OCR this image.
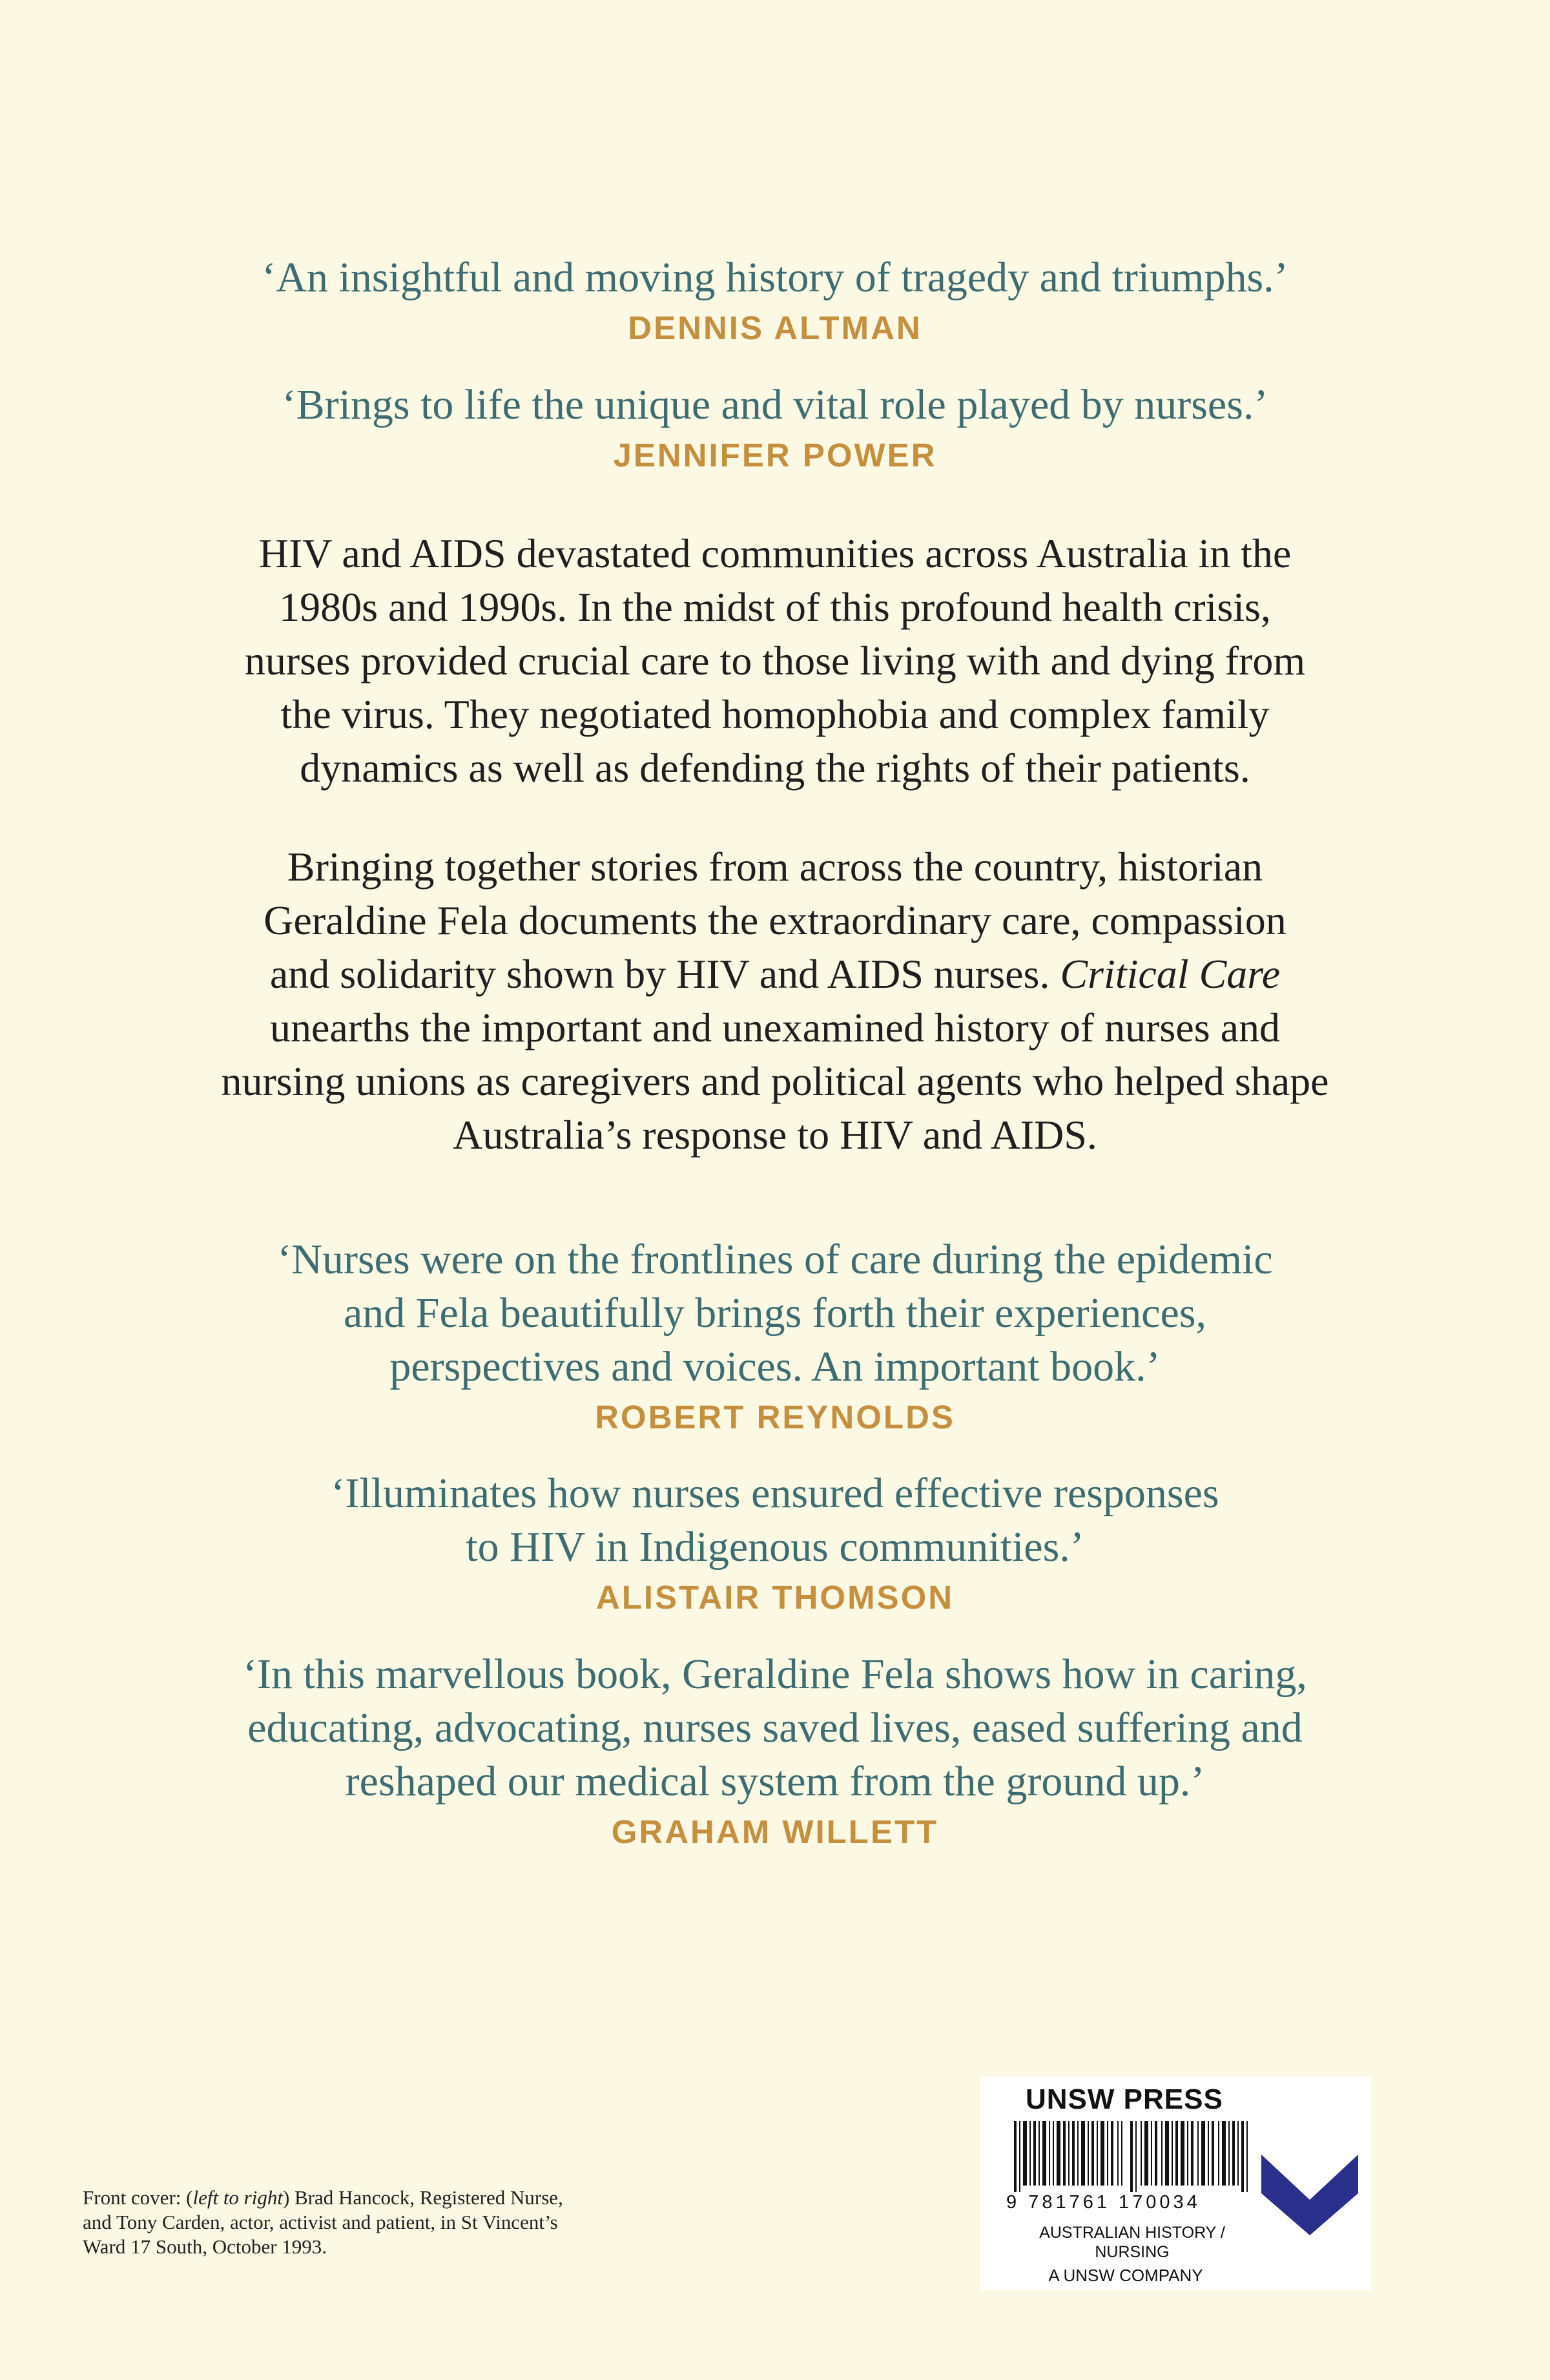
‘An insightful and moving history of tragedy and triumphs.’

DENNIS ALTMAN

‘Brings to life the unique and vital role played by nurses.’

JENNIFER POWER
HIV and AIDS devastated communities across Australia in the
1980s and 1990s. In the midst of this profound health crisis,
nurses provided crucial care to those living with and dying from
the virus. They negotiated homophobia and complex family
dynamics as well as defending the rights of their patients.
Bringing together stories from across the country, historian
Geraldine Fela documents the extraordinary care, compassion
and solidarity shown by HIV and AIDS nurses. Critical Care
unearths the important and unexamined history of nurses and
nursing unions as caregivers and political agents who helped shape
Australia’s response to HIV and AIDS.
‘Nurses were on the frontlines of care during the epidemic
and Fela beautifully brings forth their experiences,
perspectives and voices. An important book.’
ROBERT REYNOLDS
‘Illuminates how nurses ensured effective responses
to HIV in Indigenous communities.’
ALISTAIR THOMSON
‘In this marvellous book, Geraldine Fela shows how in caring,
educating, advocating, nurses saved lives, eased suffering and
reshaped our medical system from the ground up.’
GRAHAM WILLETT
Front cover: (left to right) Brad Hancock, Registered Nurse,
and Tony Carden, actor, activist and patient, in St Vincent’s
Ward 17 South, October 1993.
UNSW PRESS
9 781761 170034
AUSTRALIAN HISTORY /
NURSING
A UNSW COMPANY
